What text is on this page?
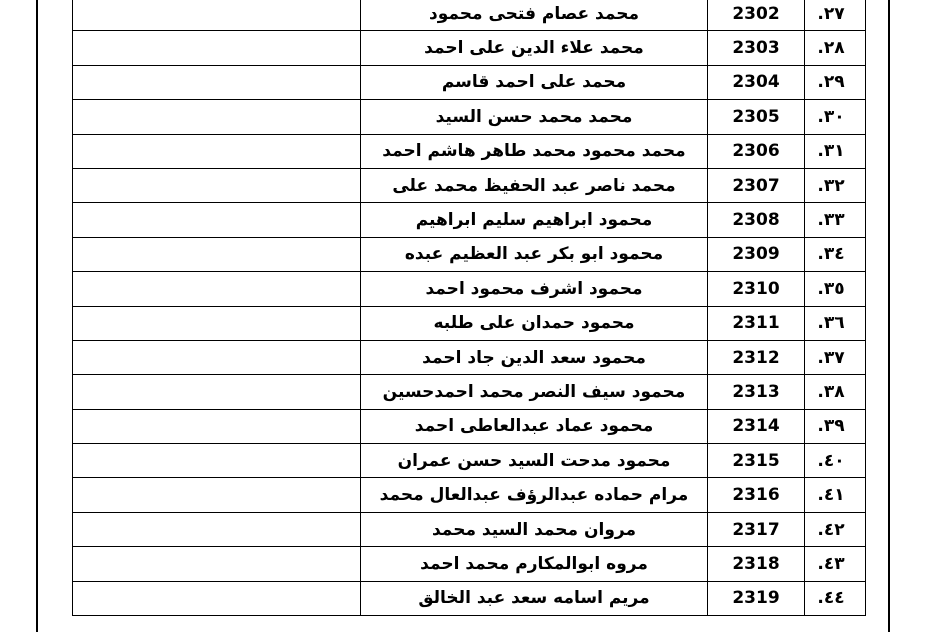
	محمد عصام فتحى محمود	2302	٢٧.
	محمد علاء الدين على احمد	2303	٢٨.
	محمد على احمد قاسم	2304	٢٩.
	محمد محمد حسن السيد	2305	٣٠.
	محمد محمود محمد طاهر هاشم احمد	2306	٣١.
	محمد ناصر عبد الحفيظ محمد على	2307	٣٢.
	محمود ابراهيم سليم ابراهيم	2308	٣٣.
	محمود ابو بكر عبد العظيم عبده	2309	٣٤.
	محمود اشرف محمود احمد	2310	٣٥.
	محمود حمدان على طلبه	2311	٣٦.
	محمود سعد الدين جاد احمد	2312	٣٧.
	محمود سيف النصر محمد احمدحسين	2313	٣٨.
	محمود عماد عبدالعاطى احمد	2314	٣٩.
	محمود مدحت السيد حسن عمران	2315	٤٠.
	مرام حماده عبدالرؤف عبدالعال محمد	2316	٤١.
	مروان محمد السيد محمد	2317	٤٢.
	مروه ابوالمكارم محمد احمد	2318	٤٣.
	مريم اسامه سعد عبد الخالق	2319	٤٤.
